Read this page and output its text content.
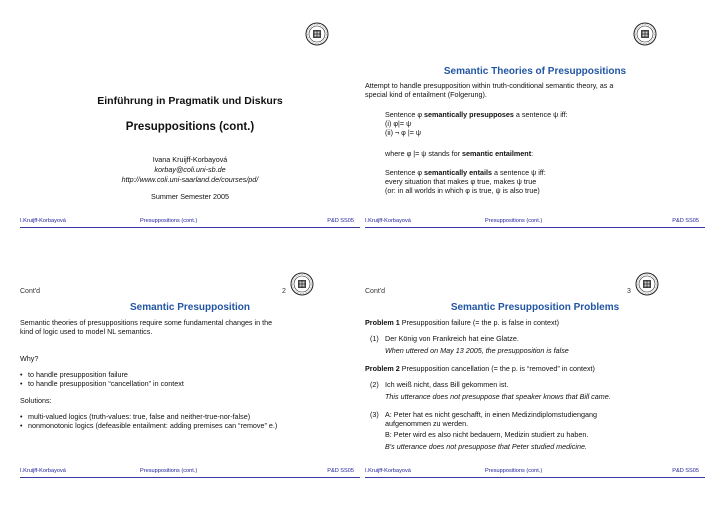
Einführung in Pragmatik und Diskurs
Presuppositions (cont.)
Ivana Kruijff-Korbayová
korbay@coli.uni-sb.de
http://www.coli.uni-saarland.de/courses/pd/
Summer Semester 2005
I.Kruijff-Korbayová	Presuppositions (cont.)	P&D SS05
Semantic Theories of Presuppositions
Attempt to handle presupposition within truth-conditional semantic theory, as a
special kind of entailment (Folgerung).
Sentence φ semantically presupposes a sentence ψ iff:
(i) φ|= ψ
(ii) ¬ φ |= ψ
where φ |= ψ stands for semantic entailment:
Sentence φ semantically entails a sentence ψ iff:
every situation that makes φ true, makes ψ true
(or: in all worlds in which φ is true, ψ is also true)
I.Kruijff-Korbayová	Presuppositions (cont.)	P&D SS05
Cont'd	2
Semantic Presupposition
Semantic theories of presuppositions require some fundamental changes in the
kind of logic used to model NL semantics.
Why?
• to handle presupposition failure
• to handle presupposition “cancellation” in context
Solutions:
• multi-valued logics (truth-values: true, false and neither-true-nor-false)
• nonmonotonic logics (defeasible entailment: adding premises can “remove” e.)
I.Kruijff-Korbayová	Presuppositions (cont.)	P&D SS05
Cont'd	3
Semantic Presupposition Problems
Problem 1 Presupposition failure (= the p. is false in context)
(1) Der König von Frankreich hat eine Glatze.
When uttered on May 13 2005, the presupposition is false
Problem 2 Presupposition cancellation (= the p. is “removed” in context)
(2) Ich weiß nicht, dass Bill gekommen ist.
This utterance does not presuppose that speaker knows that Bill came.
(3) A: Peter hat es nicht geschafft, in einen Medizindiplomstudiengang
aufgenommen zu werden.
B: Peter wird es also nicht bedauern, Medizin studiert zu haben.
B's utterance does not presuppose that Peter studied medicine.
I.Kruijff-Korbayová	Presuppositions (cont.)	P&D SS05
